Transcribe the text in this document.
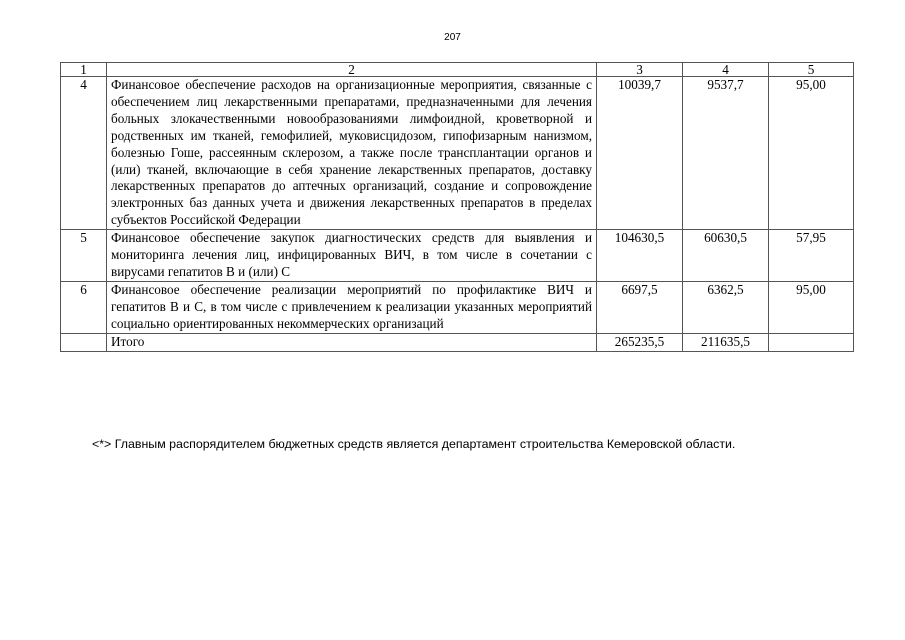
207
1	2	3	4	5
4	Финансовое обеспечение расходов на организационные мероприятия, связанные с обеспечением лиц лекарственными препаратами, предназначенными для лечения больных злокачественными новообразованиями лимфоидной, кроветворной и родственных им тканей, гемофилией, муковисцидозом, гипофизарным нанизмом, болезнью Гоше, рассеянным склерозом, а также после трансплантации органов и (или) тканей, включающие в себя хранение лекарственных препаратов, доставку лекарственных препаратов до аптечных организаций, создание и сопровождение электронных баз данных учета и движения лекарственных препаратов в пределах субъектов Российской Федерации	10039,7	9537,7	95,00
5	Финансовое обеспечение закупок диагностических средств для выявления и мониторинга лечения лиц, инфицированных ВИЧ, в том числе в сочетании с вирусами гепатитов В и (или) С	104630,5	60630,5	57,95
6	Финансовое обеспечение реализации мероприятий по профилактике ВИЧ и гепатитов В и С, в том числе с привлечением к реализации указанных мероприятий социально ориентированных некоммерческих организаций	6697,5	6362,5	95,00
	Итого	265235,5	211635,5	
<*> Главным распорядителем бюджетных средств является департамент строительства Кемеровской области.
